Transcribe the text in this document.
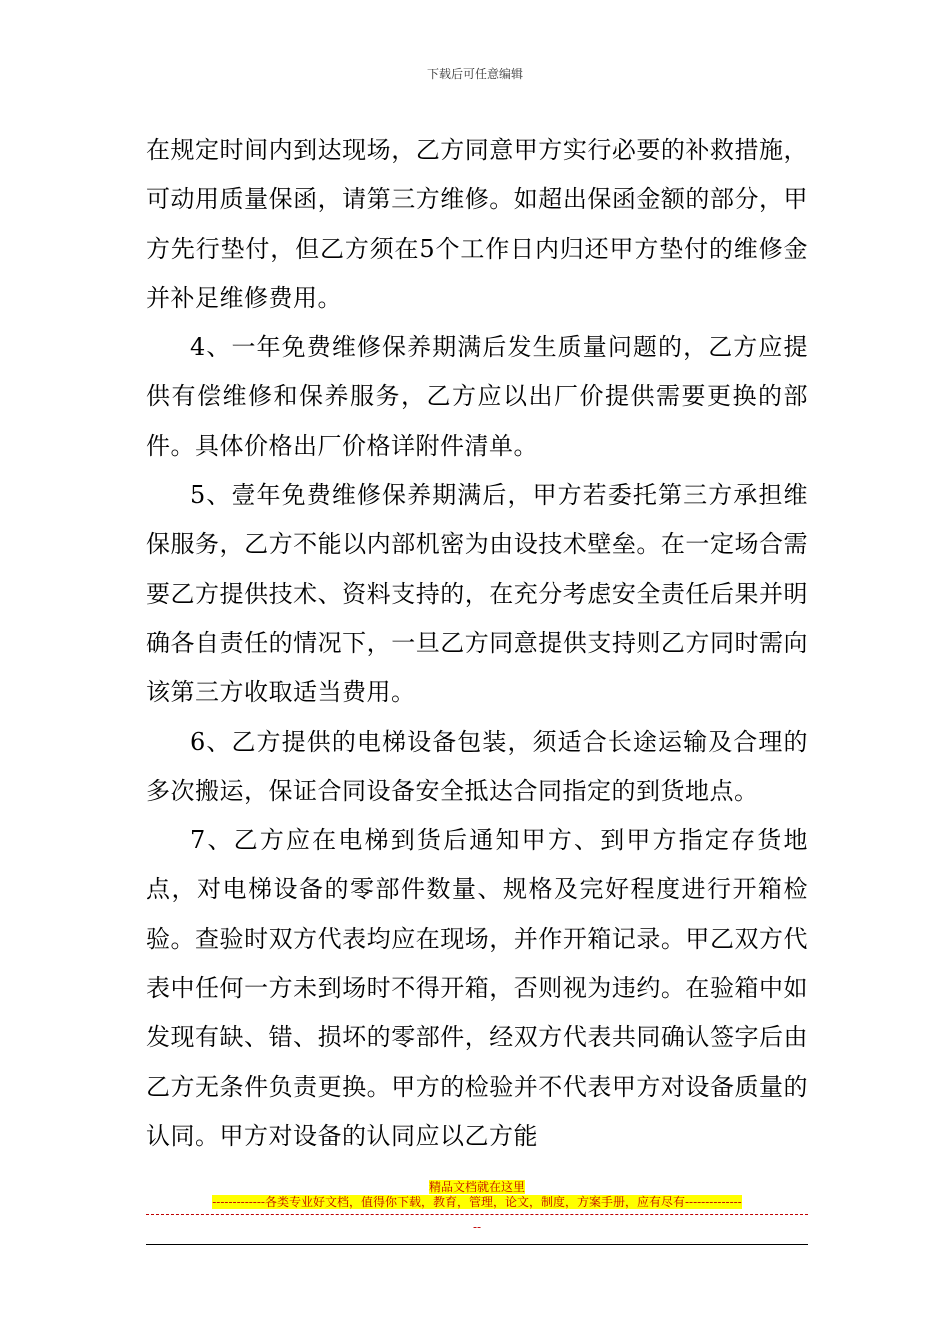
下载后可任意编辑

在规定时间内到达现场，乙方同意甲方实行必要的补救措施，可动用质量保函，请第三方维修。如超出保函金额的部分，甲方先行垫付，但乙方须在5个工作日内归还甲方垫付的维修金并补足维修费用。

4、一年免费维修保养期满后发生质量问题的，乙方应提供有偿维修和保养服务，乙方应以出厂价提供需要更换的部件。具体价格出厂价格详附件清单。

5、壹年免费维修保养期满后，甲方若委托第三方承担维保服务，乙方不能以内部机密为由设技术壁垒。在一定场合需要乙方提供技术、资料支持的，在充分考虑安全责任后果并明确各自责任的情况下，一旦乙方同意提供支持则乙方同时需向该第三方收取适当费用。

6、乙方提供的电梯设备包装，须适合长途运输及合理的多次搬运，保证合同设备安全抵达合同指定的到货地点。

7、乙方应在电梯到货后通知甲方、到甲方指定存货地点，对电梯设备的零部件数量、规格及完好程度进行开箱检验。查验时双方代表均应在现场，并作开箱记录。甲乙双方代表中任何一方未到场时不得开箱，否则视为违约。在验箱中如发现有缺、错、损坏的零部件，经双方代表共同确认签字后由乙方无条件负责更换。甲方的检验并不代表甲方对设备质量的认同。甲方对设备的认同应以乙方能

精品文档就在这里
-------------各类专业好文档，值得你下载，教育，管理，论文，制度，方案手册，应有尽有--------------
--
